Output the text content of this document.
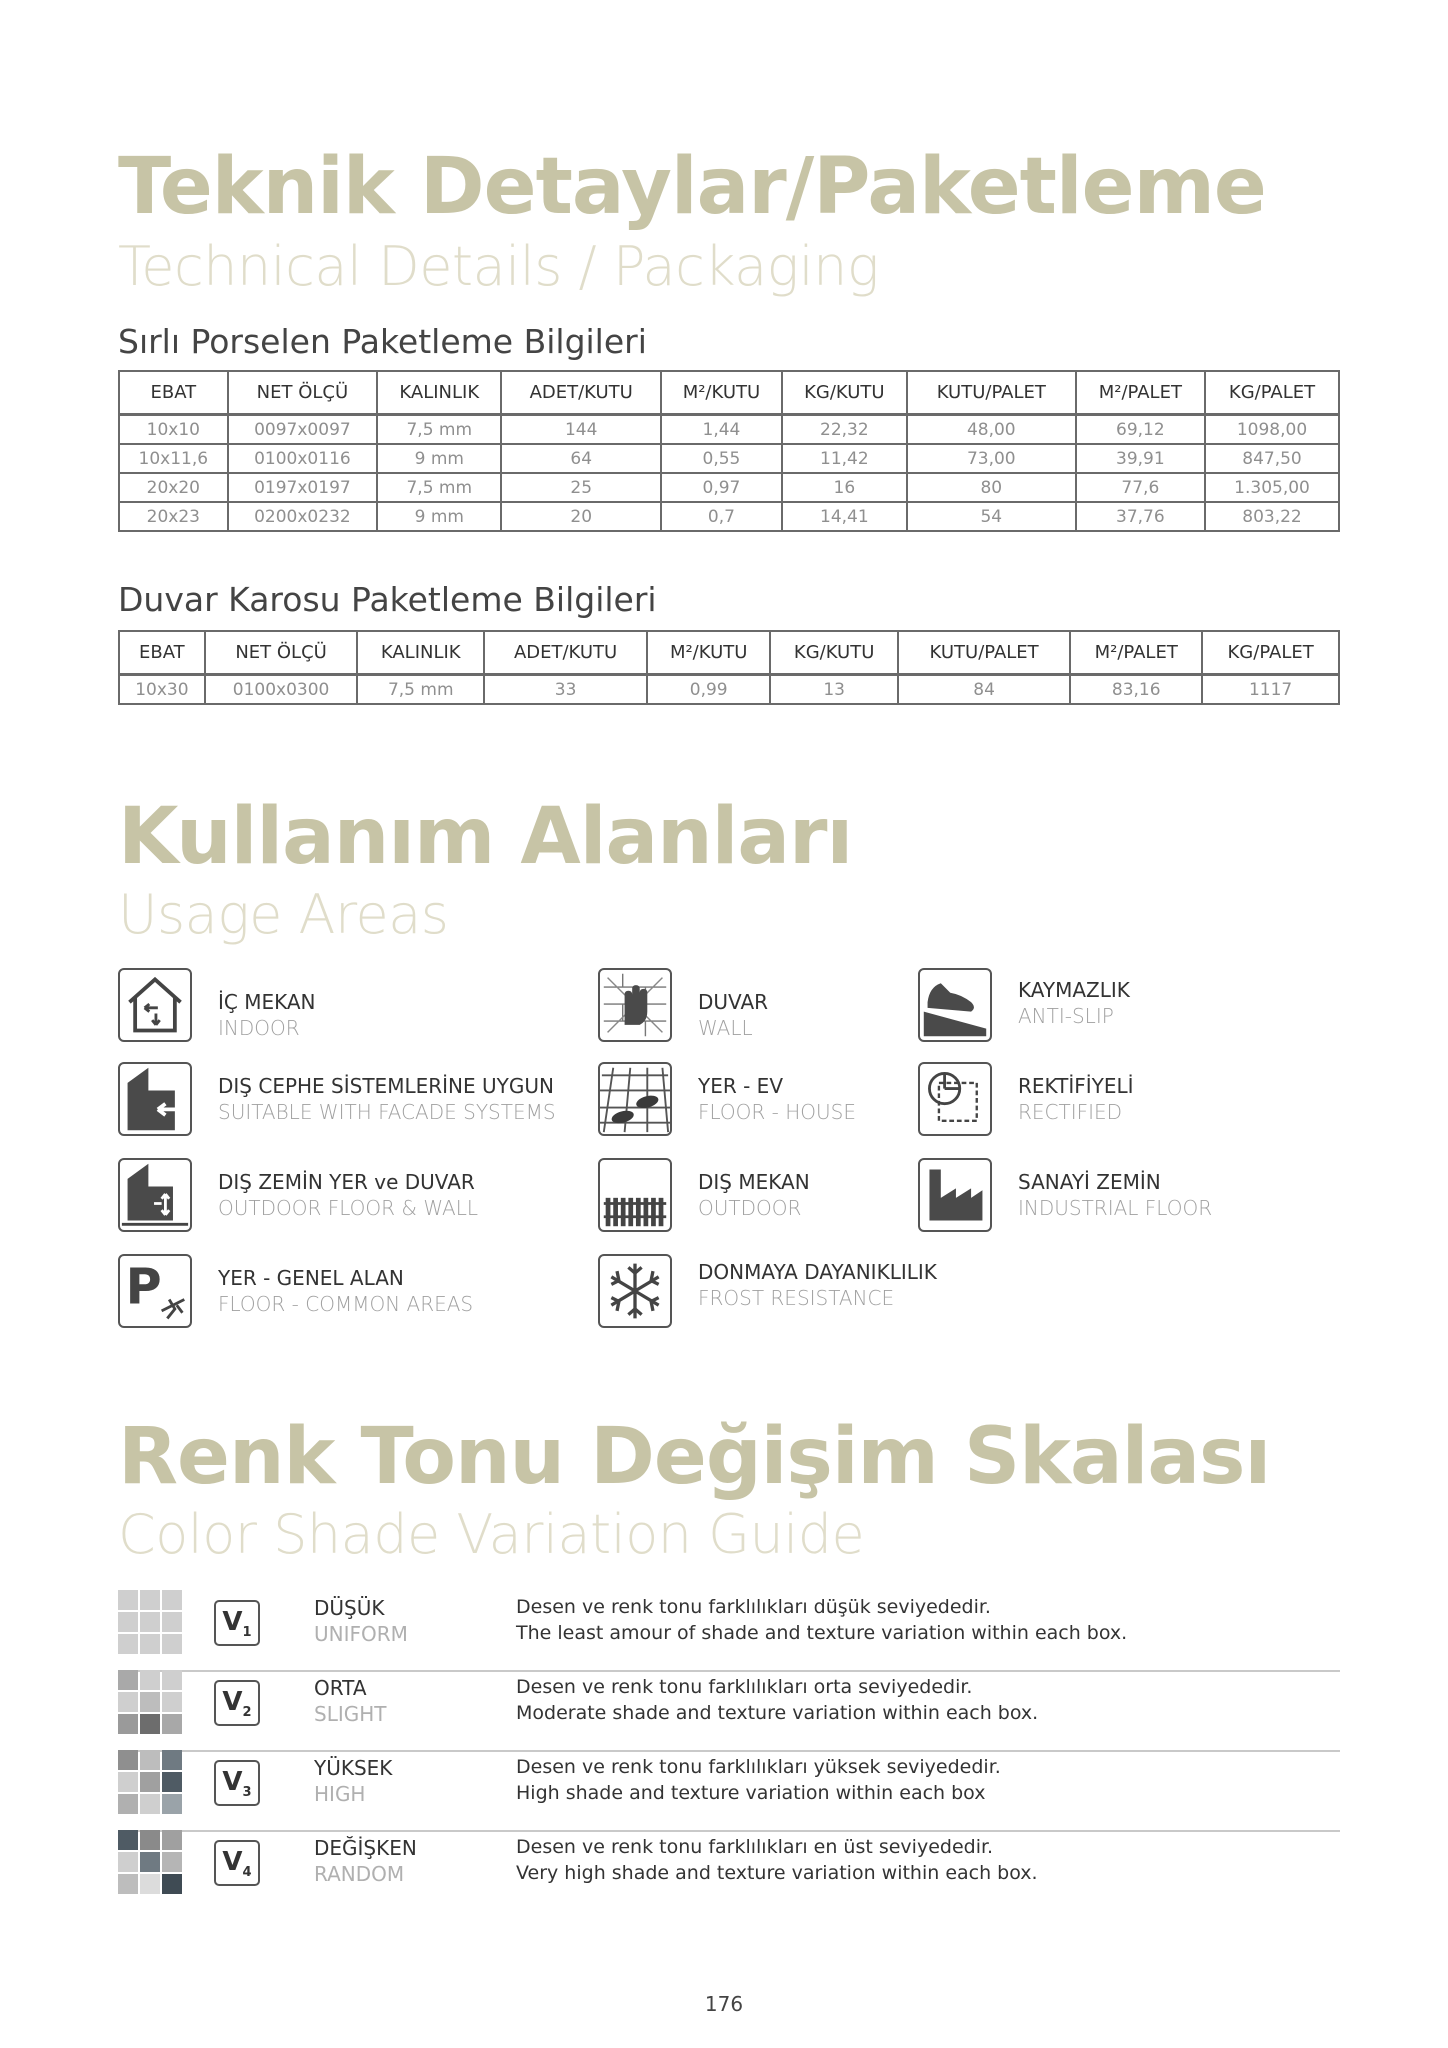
Teknik Detaylar/Paketleme
Technical Details / Packaging
Sırlı Porselen Paketleme Bilgileri
EBAT	NET ÖLÇÜ	KALINLIK	ADET/KUTU	M²/KUTU	KG/KUTU	KUTU/PALET	M²/PALET	KG/PALET
10x10	0097x0097	7,5 mm	144	1,44	22,32	48,00	69,12	1098,00
10x11,6	0100x0116	9 mm	64	0,55	11,42	73,00	39,91	847,50
20x20	0197x0197	7,5 mm	25	0,97	16	80	77,6	1.305,00
20x23	0200x0232	9 mm	20	0,7	14,41	54	37,76	803,22
Duvar Karosu Paketleme Bilgileri
EBAT	NET ÖLÇÜ	KALINLIK	ADET/KUTU	M²/KUTU	KG/KUTU	KUTU/PALET	M²/PALET	KG/PALET
10x30	0100x0300	7,5 mm	33	0,99	13	84	83,16	1117
Kullanım Alanları
Usage Areas
İÇ MEKAN
INDOOR
DUVAR
WALL
KAYMAZLIK
ANTI-SLIP
DIŞ CEPHE SİSTEMLERİNE UYGUN
SUITABLE WITH FACADE SYSTEMS
YER - EV
FLOOR - HOUSE
REKTİFİYELİ
RECTIFIED
DIŞ ZEMİN YER ve DUVAR
OUTDOOR FLOOR & WALL
DIŞ MEKAN
OUTDOOR
SANAYİ ZEMİN
INDUSTRIAL FLOOR
P	YER - GENEL ALAN
FLOOR - COMMON AREAS
DONMAYA DAYANIKLILIK
FROST RESISTANCE
Renk Tonu Değişim Skalası
Color Shade Variation Guide
$V_1$
DÜŞÜK
UNIFORM
Desen ve renk tonu farklılıkları düşük seviyededir.
The least amour of shade and texture variation within each box.
$V_2$
ORTA
SLIGHT
Desen ve renk tonu farklılıkları orta seviyededir.
Moderate shade and texture variation within each box.
$V_3$
YÜKSEK
HIGH
Desen ve renk tonu farklılıkları yüksek seviyededir.
High shade and texture variation within each box
$V_4$
DEĞİŞKEN
RANDOM
Desen ve renk tonu farklılıkları en üst seviyededir.
Very high shade and texture variation within each box.
176
